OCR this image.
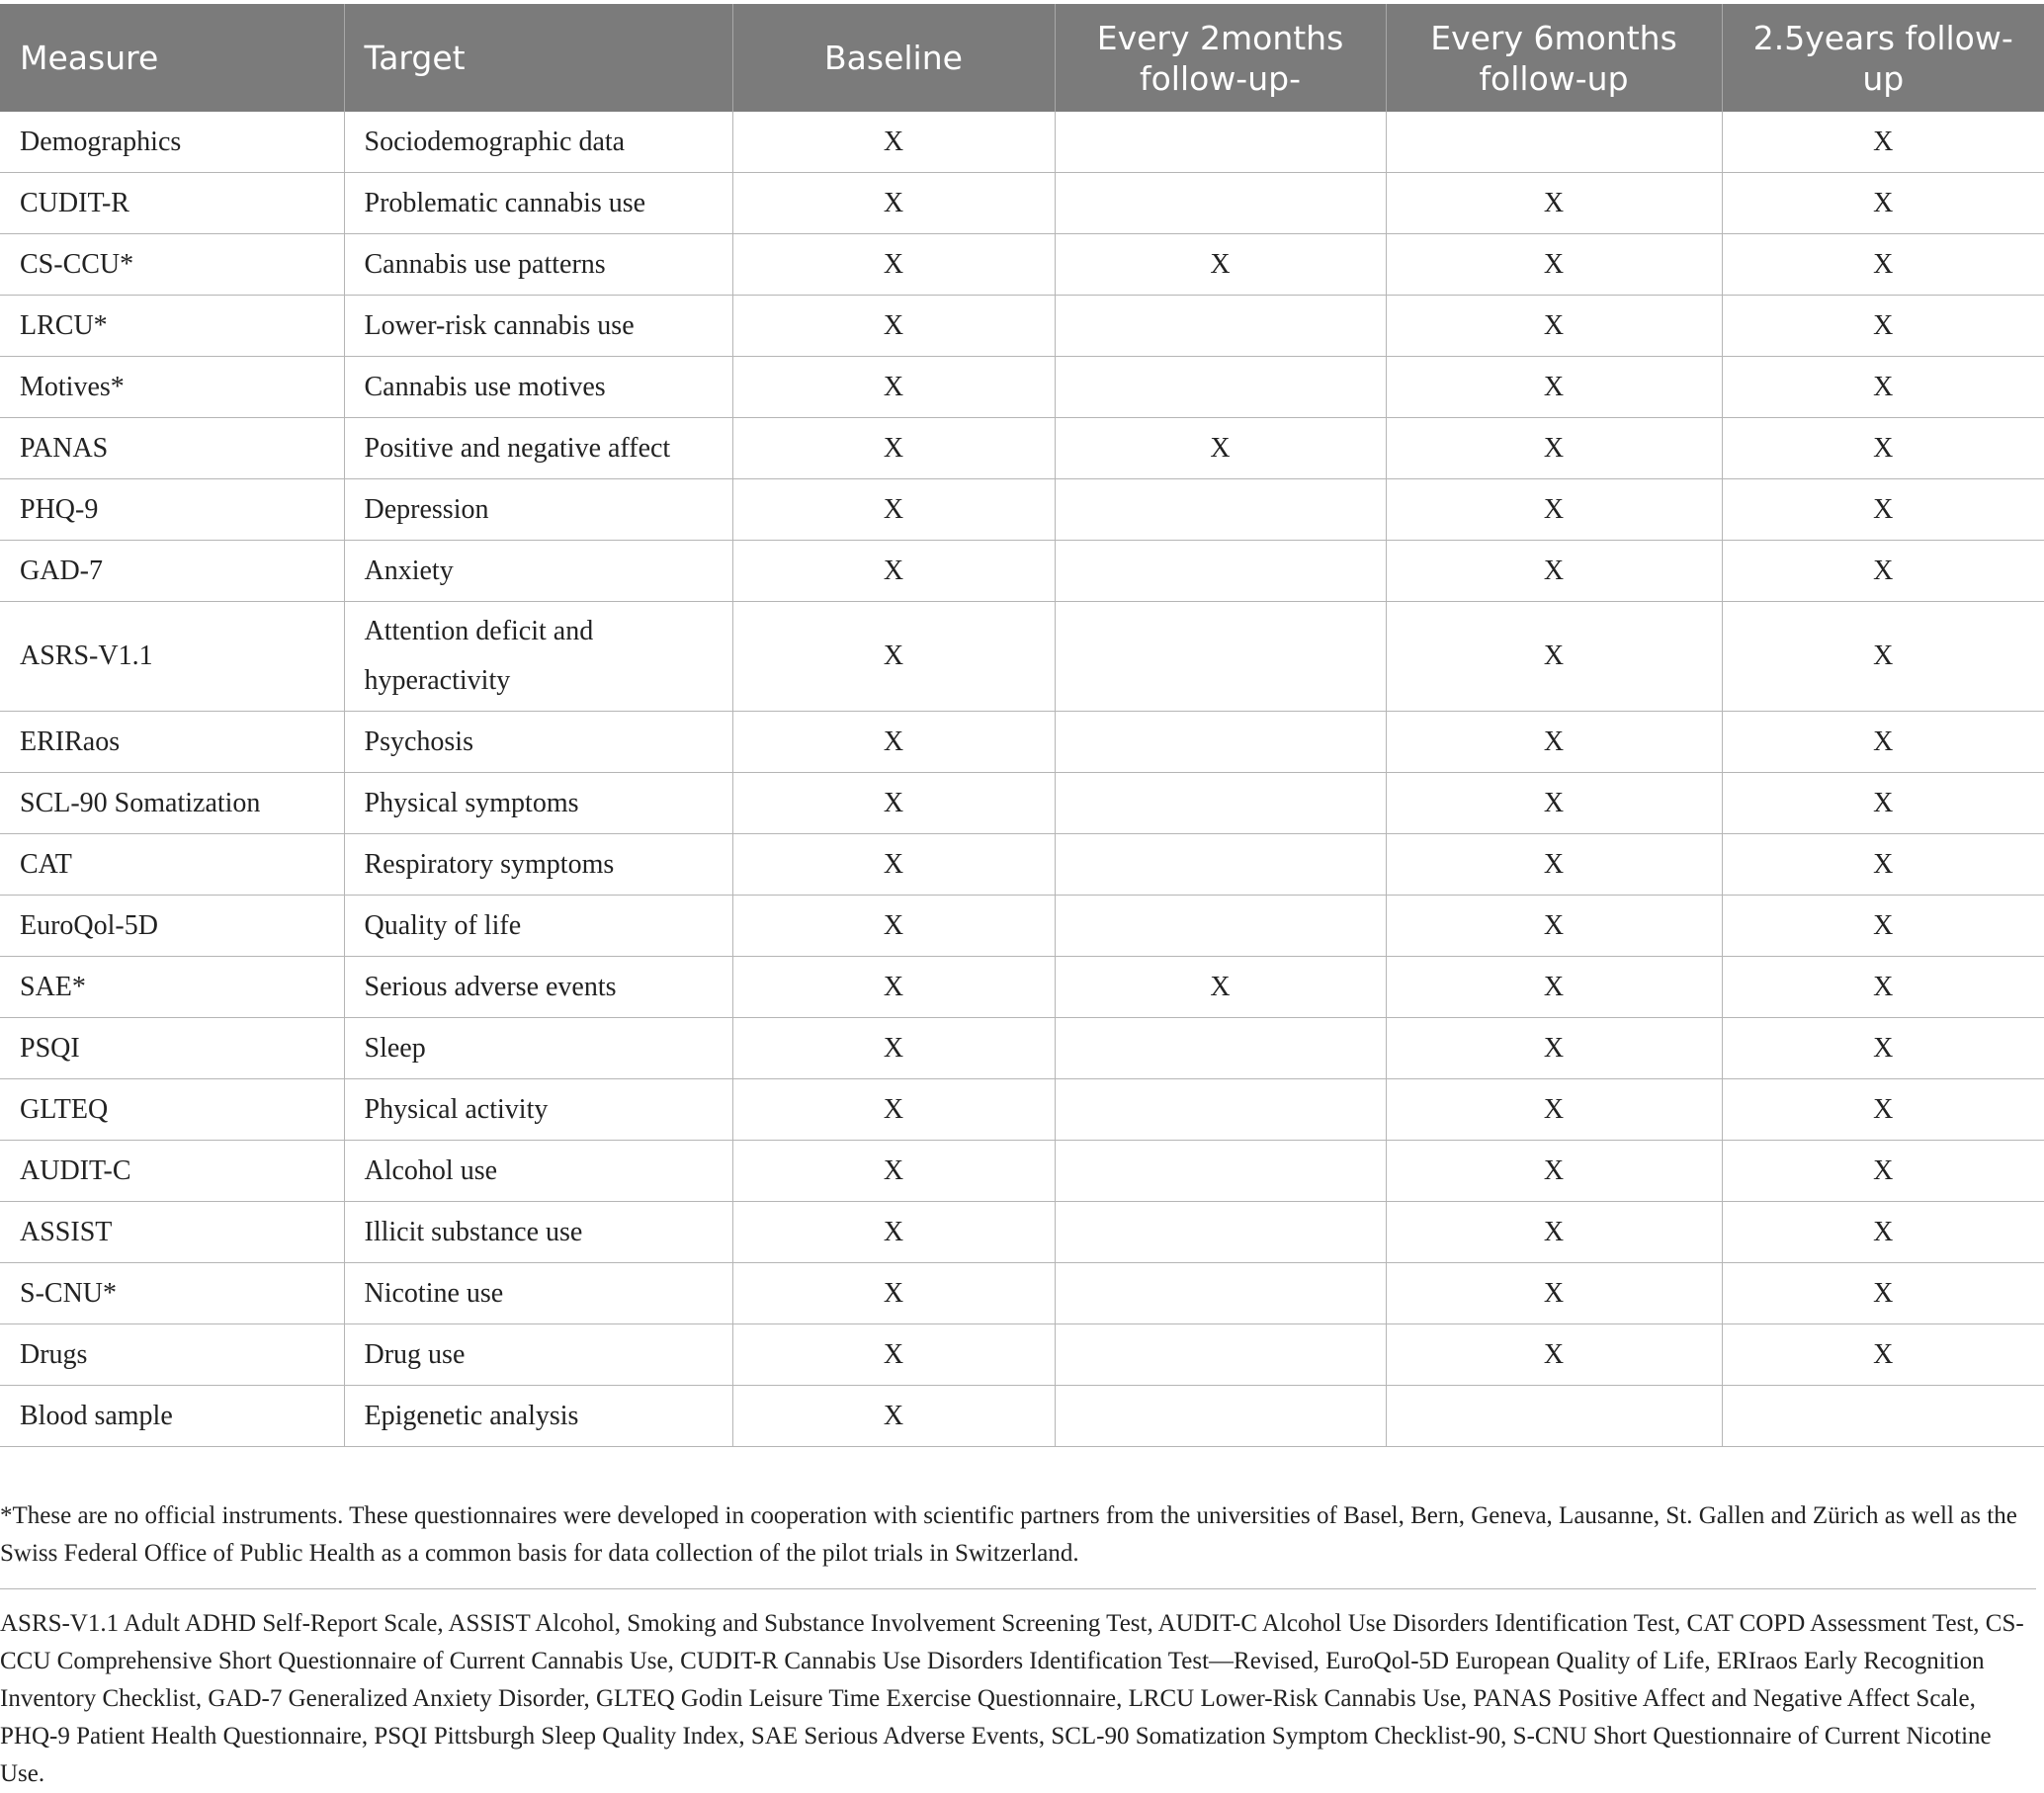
Measure	Target	Baseline	Every 2months follow-up-	Every 6months follow-up	2.5years follow-up
Demographics	Sociodemographic data	X			X
CUDIT-R	Problematic cannabis use	X		X	X
CS-CCU*	Cannabis use patterns	X	X	X	X
LRCU*	Lower-risk cannabis use	X		X	X
Motives*	Cannabis use motives	X		X	X
PANAS	Positive and negative affect	X	X	X	X
PHQ-9	Depression	X		X	X
GAD-7	Anxiety	X		X	X
ASRS-V1.1	Attention deficit and hyperactivity	X		X	X
ERIRaos	Psychosis	X		X	X
SCL-90 Somatization	Physical symptoms	X		X	X
CAT	Respiratory symptoms	X		X	X
EuroQol-5D	Quality of life	X		X	X
SAE*	Serious adverse events	X	X	X	X
PSQI	Sleep	X		X	X
GLTEQ	Physical activity	X		X	X
AUDIT-C	Alcohol use	X		X	X
ASSIST	Illicit substance use	X		X	X
S-CNU*	Nicotine use	X		X	X
Drugs	Drug use	X		X	X
Blood sample	Epigenetic analysis	X			

*These are no official instruments. These questionnaires were developed in cooperation with scientific partners from the universities of Basel, Bern, Geneva, Lausanne, St. Gallen and Zürich as well as the Swiss Federal Office of Public Health as a common basis for data collection of the pilot trials in Switzerland.

ASRS-V1.1 Adult ADHD Self-Report Scale, ASSIST Alcohol, Smoking and Substance Involvement Screening Test, AUDIT-C Alcohol Use Disorders Identification Test, CAT COPD Assessment Test, CS-CCU Comprehensive Short Questionnaire of Current Cannabis Use, CUDIT-R Cannabis Use Disorders Identification Test—Revised, EuroQol-5D European Quality of Life, ERIraos Early Recognition Inventory Checklist, GAD-7 Generalized Anxiety Disorder, GLTEQ Godin Leisure Time Exercise Questionnaire, LRCU Lower-Risk Cannabis Use, PANAS Positive Affect and Negative Affect Scale, PHQ-9 Patient Health Questionnaire, PSQI Pittsburgh Sleep Quality Index, SAE Serious Adverse Events, SCL-90 Somatization Symptom Checklist-90, S-CNU Short Questionnaire of Current Nicotine Use.
